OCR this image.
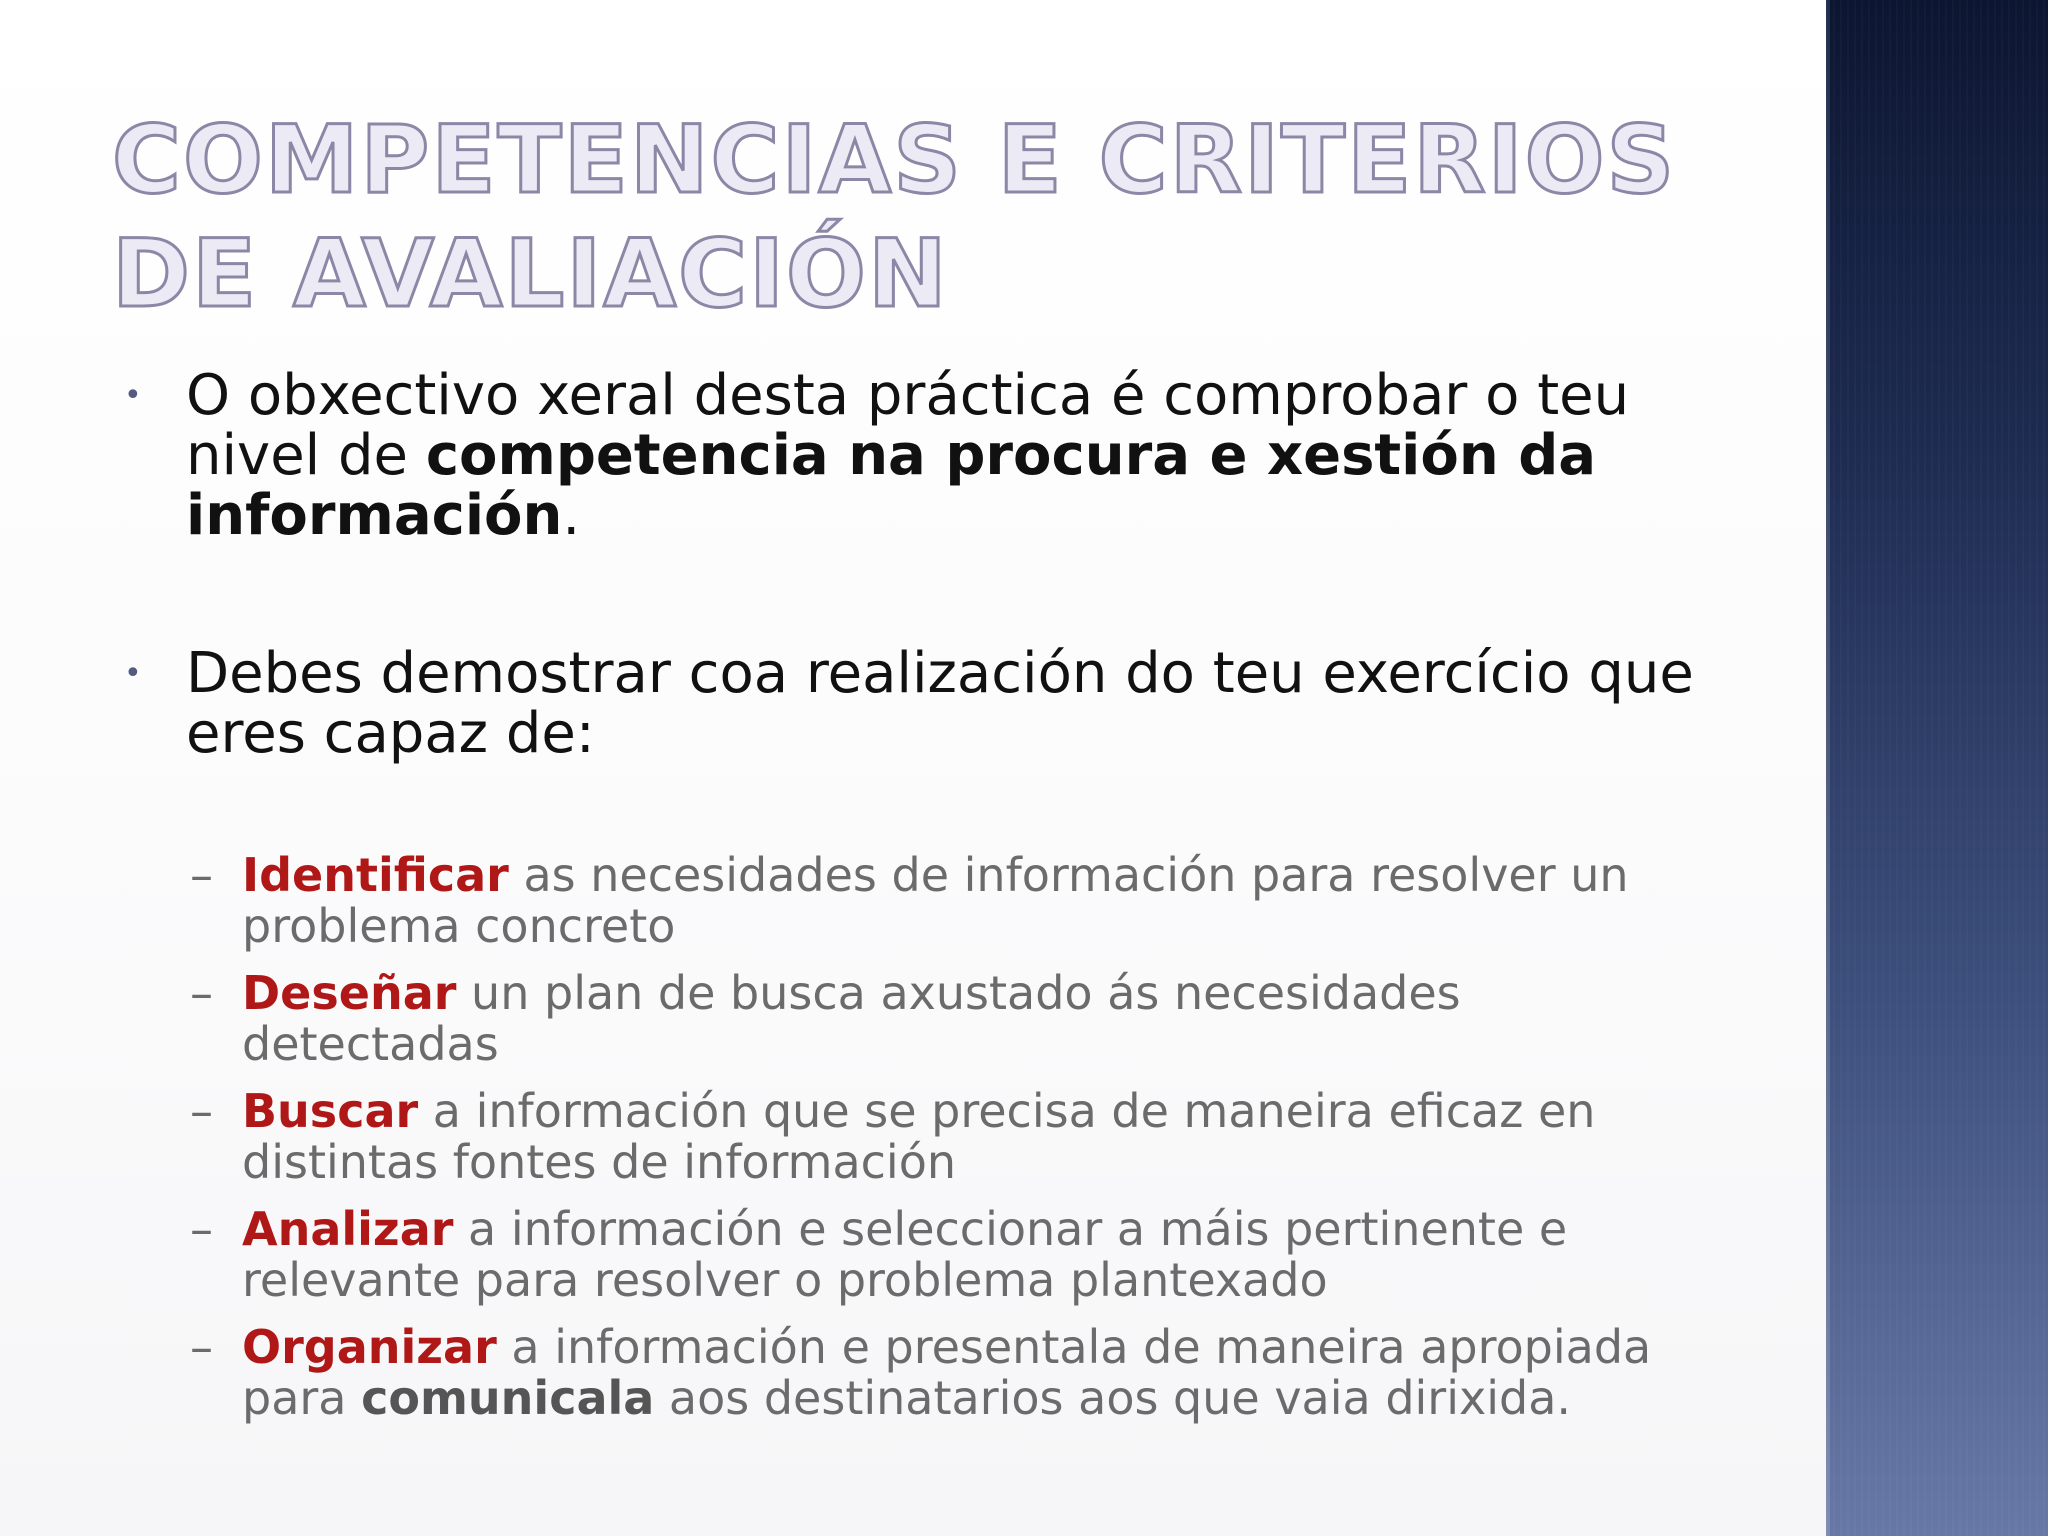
COMPETENCIAS E CRITERIOS DE AVALIACIÓN
• O obxectivo xeral desta práctica é comprobar o teu nivel de competencia na procura e xestión da información.
• Debes demostrar coa realización do teu exercício que eres capaz de:
– Identificar as necesidades de información para resolver un problema concreto
– Deseñar un plan de busca axustado ás necesidades detectadas
– Buscar a información que se precisa de maneira eficaz en distintas fontes de información
– Analizar a información e seleccionar a máis pertinente e relevante para resolver o problema plantexado
– Organizar a información e presentala de maneira apropiada para comunicala aos destinatarios aos que vaia dirixida.
